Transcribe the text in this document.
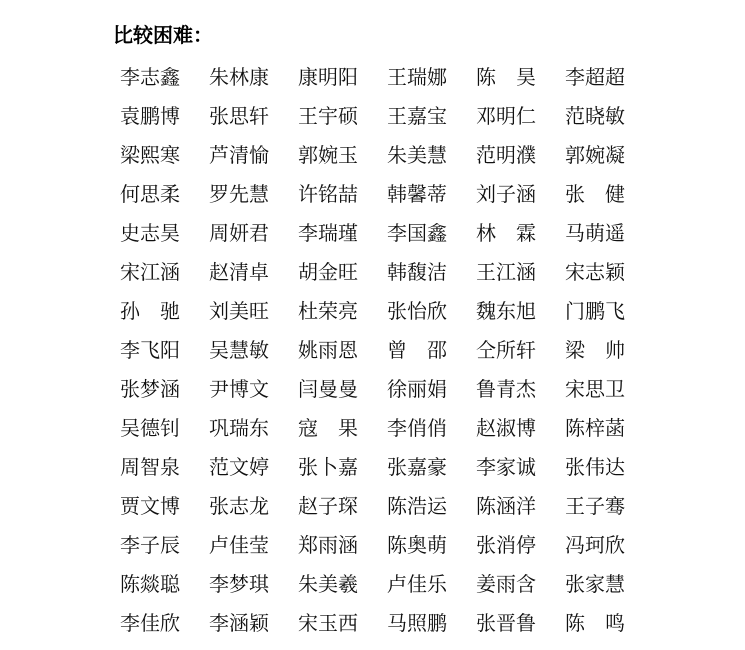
比较困难：
李志鑫	朱林康	康明阳	王瑞娜	陈　昊	李超超
袁鹏博	张思轩	王宇硕	王嘉宝	邓明仁	范晓敏
梁熙寒	芦清愉	郭婉玉	朱美慧	范明濮	郭婉凝
何思柔	罗先慧	许铭喆	韩馨蒂	刘子涵	张　健
史志昊	周妍君	李瑞瑾	李国鑫	林　霖	马萌遥
宋江涵	赵清卓	胡金旺	韩馥洁	王江涵	宋志颖
孙　驰	刘美旺	杜荣亮	张怡欣	魏东旭	门鹏飞
李飞阳	吴慧敏	姚雨恩	曾　邵	仝所轩	梁　帅
张梦涵	尹博文	闫曼曼	徐丽娟	鲁青杰	宋思卫
吴德钊	巩瑞东	寇　果	李俏俏	赵淑博	陈梓菡
周智泉	范文婷	张卜嘉	张嘉豪	李家诚	张伟达
贾文博	张志龙	赵子琛	陈浩运	陈涵洋	王子骞
李子辰	卢佳莹	郑雨涵	陈奥萌	张消停	冯珂欣
陈燚聪	李梦琪	朱美羲	卢佳乐	姜雨含	张家慧
李佳欣	李涵颖	宋玉西	马照鹏	张晋鲁	陈　鸣
